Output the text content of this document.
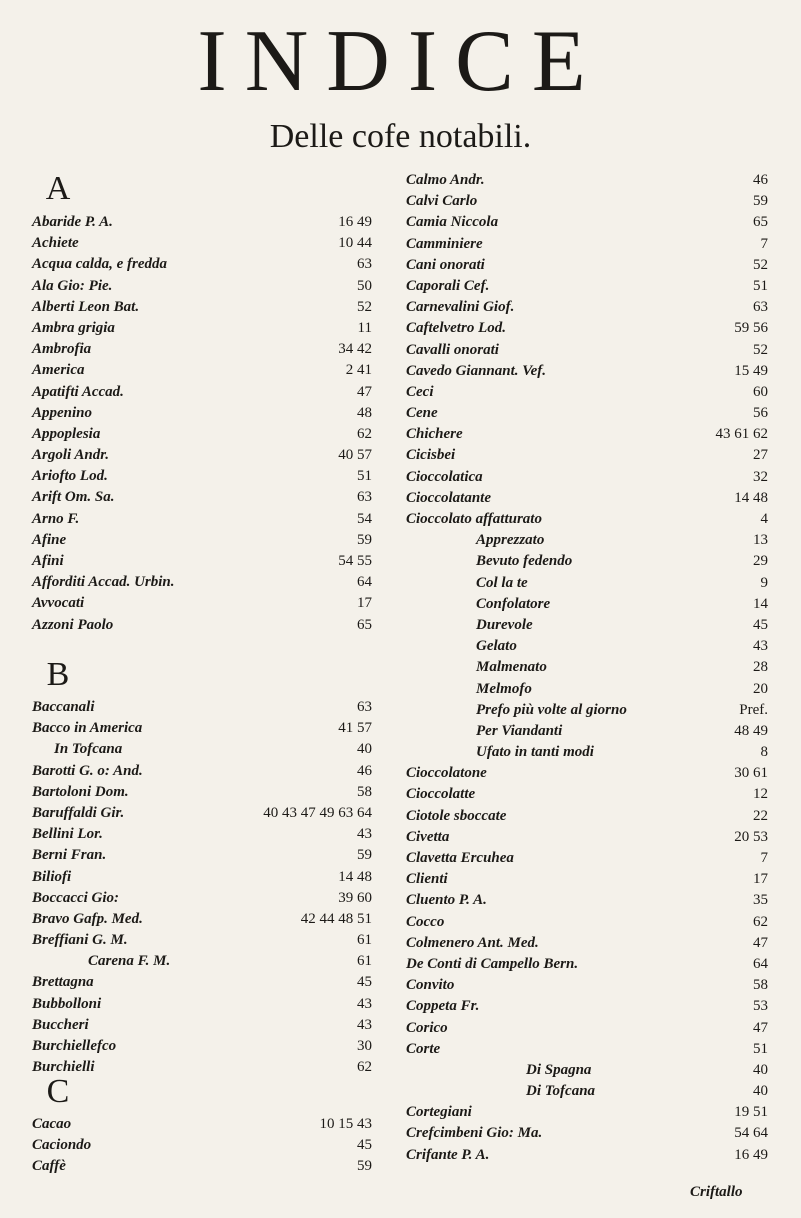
INDICE
Delle cofe notabili.
A
Abaride P. A.	16 49
Achiete	10 44
Acqua calda, e fredda	63
Ala Gio: Pie.	50
Alberti Leon Bat.	52
Ambra grigia	11
Ambrofia	34 42
America	2 41
Apatifti Accad.	47
Appenino	48
Appoplesia	62
Argoli Andr.	40 57
Ariofto Lod.	51
Arift Om. Sa.	63
Arno F.	54
Afine	59
Afini	54 55
Afforditi Accad. Urbin.	64
Avvocati	17
Azzoni Paolo	65
B
Baccanali	63
Bacco in America	41 57
In Tofcana	40
Barotti G. o: And.	46
Bartoloni Dom.	58
Baruffaldi Gir.	40 43 47 49 63 64
Bellini Lor.	43
Berni Fran.	59
Biliofi	14 48
Boccacci Gio:	39 60
Bravo Gafp. Med.	42 44 48 51
Breffiani G. M.	61
Carena F. M.	61
Brettagna	45
Bubbolloni	43
Buccheri	43
Burchiellefco	30
Burchielli	62
C
Cacao	10 15 43
Caciondo	45
Caffè	59
Calmo Andr.	46
Calvi Carlo	59
Camia Niccola	65
Camminiere	7
Cani onorati	52
Caporali Cef.	51
Carnevalini Giof.	63
Caftelvetro Lod.	59 56
Cavalli onorati	52
Cavedo Giannant. Vef.	15 49
Ceci	60
Cene	56
Chichere	43 61 62
Cicisbei	27
Cioccolatica	32
Cioccolatante	14 48
Cioccolato affatturato	4
Apprezzato	13
Bevuto fedendo	29
Col la te	9
Confolatore	14
Durevole	45
Gelato	43
Malmenato	28
Melmofo	20
Prefo più volte al giorno	Pref.
Per Viandanti	48 49
Ufato in tanti modi	8
Cioccolatone	30 61
Cioccolatte	12
Ciotole sboccate	22
Civetta	20 53
Clavetta Ercuhea	7
Clienti	17
Cluento P. A.	35
Cocco	62
Colmenero Ant. Med.	47
De Conti di Campello Bern.	64
Convito	58
Coppeta Fr.	53
Corico	47
Corte	51
Di Spagna	40
Di Tofcana	40
Cortegiani	19 51
Crefcimbeni Gio: Ma.	54 64
Crifante P. A.	16 49
Criftallo
